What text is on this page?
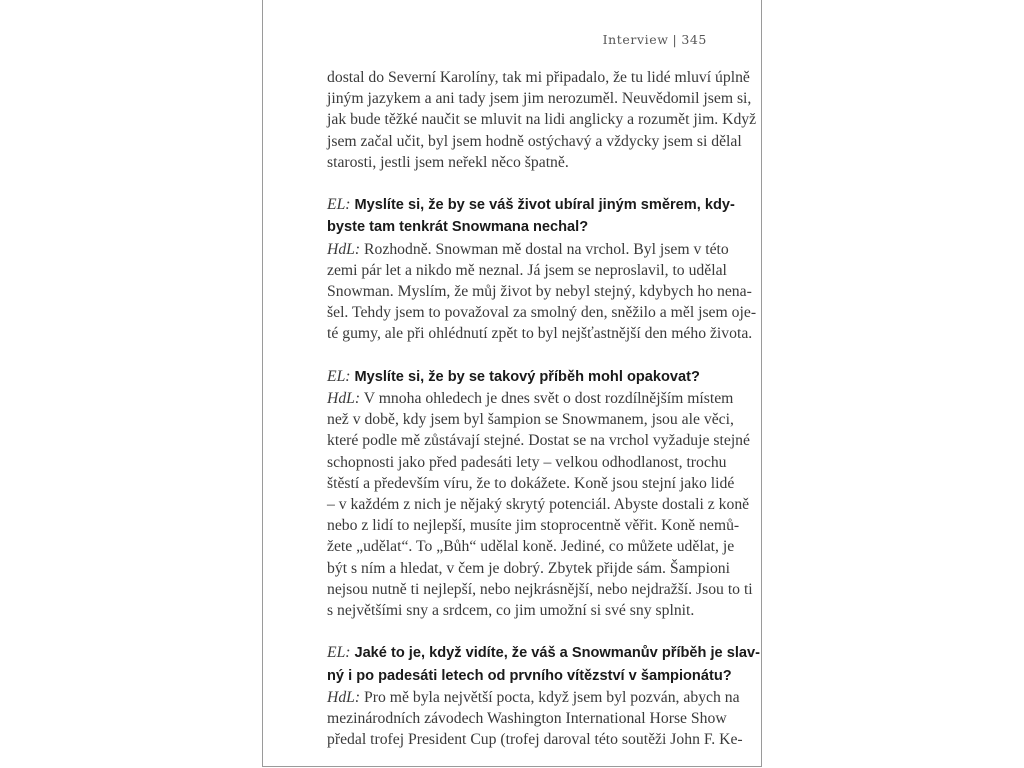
Interview | 345
dostal do Severní Karolíny, tak mi připadalo, že tu lidé mluví úplně
jiným jazykem a ani tady jsem jim nerozuměl. Neuvědomil jsem si,
jak bude těžké naučit se mluvit na lidi anglicky a rozumět jim. Když
jsem začal učit, byl jsem hodně ostýchavý a vždycky jsem si dělal
starosti, jestli jsem neřekl něco špatně.
EL: Myslíte si, že by se váš život ubíral jiným směrem, kdy-
byste tam tenkrát Snowmana nechal?
HdL: Rozhodně. Snowman mě dostal na vrchol. Byl jsem v této
zemi pár let a nikdo mě neznal. Já jsem se neproslavil, to udělal
Snowman. Myslím, že můj život by nebyl stejný, kdybych ho nena-
šel. Tehdy jsem to považoval za smolný den, sněžilo a měl jsem oje-
té gumy, ale při ohlédnutí zpět to byl nejšťastnější den mého života.
EL: Myslíte si, že by se takový příběh mohl opakovat?
HdL: V mnoha ohledech je dnes svět o dost rozdílnějším místem
než v době, kdy jsem byl šampion se Snowmanem, jsou ale věci,
které podle mě zůstávají stejné. Dostat se na vrchol vyžaduje stejné
schopnosti jako před padesáti lety – velkou odhodlanost, trochu
štěstí a především víru, že to dokážete. Koně jsou stejní jako lidé
– v každém z nich je nějaký skrytý potenciál. Abyste dostali z koně
nebo z lidí to nejlepší, musíte jim stoprocentně věřit. Koně nemů-
žete „udělat“. To „Bůh“ udělal koně. Jediné, co můžete udělat, je
být s ním a hledat, v čem je dobrý. Zbytek přijde sám. Šampioni
nejsou nutně ti nejlepší, nebo nejkrásnější, nebo nejdražší. Jsou to ti
s největšími sny a srdcem, co jim umožní si své sny splnit.
EL: Jaké to je, když vidíte, že váš a Snowmanův příběh je slav-
ný i po padesáti letech od prvního vítězství v šampionátu?
HdL: Pro mě byla největší pocta, když jsem byl pozván, abych na
mezinárodních závodech Washington International Horse Show
předal trofej President Cup (trofej daroval této soutěži John F. Ke-
